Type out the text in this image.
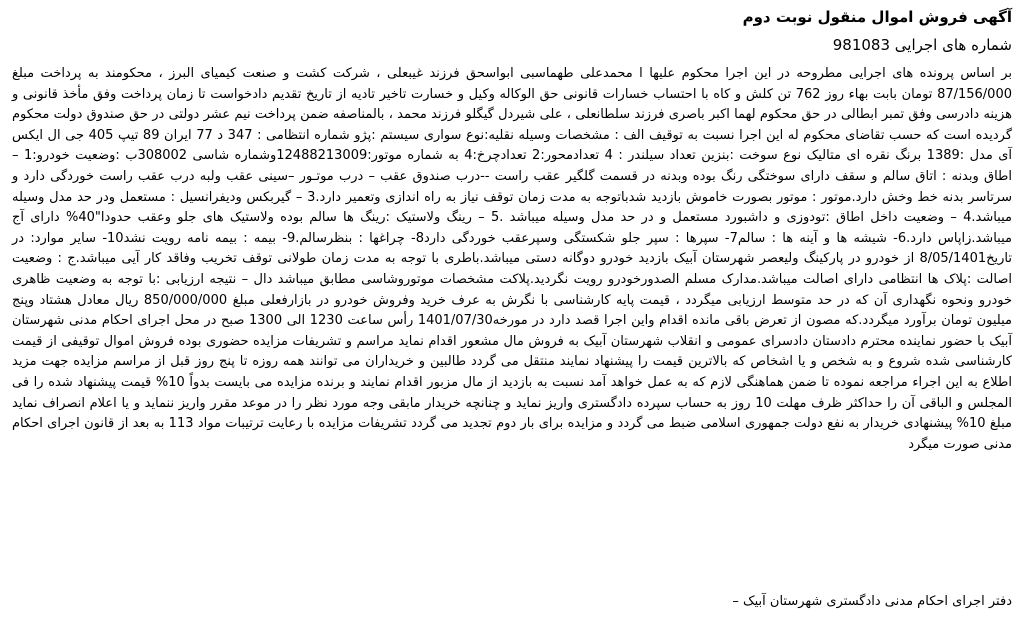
آگهی فروش اموال منقول نوبت دوم
شماره های اجرایی 981083

بر اساس پرونده های اجرایی مطروحه در این اجرا محکوم علیها ا محمدعلی طهماسبی ابواسحق فرزند غیبعلی ، شرکت کشت و صنعت کیمیای البرز ، محکومند به پرداخت مبلغ 87/156/000 تومان بابت بهاء روز 762 تن کلش و کاه با احتساب خسارات قانونی حق الوکاله وکیل و خسارت تاخیر تادیه از تاریخ تقدیم دادخواست تا زمان پرداخت وفق مأخذ قانونی و هزینه دادرسی وفق تمبر ابطالی در حق محکوم لهما اکبر باصری فرزند سلطانعلی ، علی شیردل گیگلو فرزند محمد ، بالمناصفه ضمن پرداخت نیم عشر دولتی در حق صندوق دولت محکوم گردیده است که حسب تقاضای محکوم له این اجرا نسبت به توقیف الف : مشخصات وسیله نقلیه:نوع سواری سیستم :پژو شماره انتظامی : 347 د 77 ایران 89 تیپ 405 جی ال ایکس آی مدل :1389 برنگ نقره ای متالیک نوع سوخت :بنزین تعداد سیلندر : 4 تعدادمحور:2 تعدادچرخ:4 به شماره موتور:12488213009وشماره شاسی 308002ب :وضعیت خودرو:1 – اطاق وبدنه : اتاق سالم و سقف دارای سوختگی رنگ بوده وبدنه در قسمت گلگیر عقب راست --درب صندوق عقب – درب موتـور –سینی عقب ولبه درب عقب راست خوردگی دارد و سرتاسر بدنه خط وخش دارد.موتور : موتور بصورت خاموش بازدید شدباتوجه به مدت زمان توقف نیاز به راه اندازی وتعمیر دارد.3 – گیربکس ودیفرانسیل : مستعمل ودر حد مدل وسیله میباشد.4 – وضعیت داخل اطاق :تودوزی و داشبورد مستعمل و در حد مدل وسیله میباشد .5 – رینگ ولاستیک :رینگ ها سالم بوده ولاستیک های جلو وعقب حدودا"40% دارای آج میباشد.زاپاس دارد.6- شیشه ها و آینه ها : سالم7- سپرها : سپر جلو شکستگی وسپرعقب خوردگی دارد8- چراغها : بنظرسالم.9- بیمه : بیمه نامه رویت نشد10- سایر موارد: در تاریخ8/05/1401 از خودرو در پارکینگ ولیعصر شهرستان آبیک بازدید خودرو دوگانه دستی میباشد.باطری با توجه به مدت زمان طولانی توقف تخریب وفاقد کار آیی میباشد.ج : وضعیت اصالت :پلاک ها انتظامی دارای اصالت میباشد.مدارک مسلم الصدورخودرو رویت نگردید.پلاکت مشخصات موتوروشاسی مطابق میباشد دال – نتیجه ارزیابی :با توجه به وضعیت ظاهری خودرو ونحوه نگهداری آن که در حد متوسط ارزیابی میگردد ، قیمت پایه کارشناسی با نگرش به عرف خرید وفروش خودرو در بازارفعلی مبلغ 850/000/000 ریال معادل هشتاد وپنج میلیون تومان برآورد میگردد.که مصون از تعرض باقی مانده اقدام واین اجرا قصد دارد در مورخه1401/07/30 رأس ساعت 1230 الی 1300 صبح در محل اجرای احکام مدنی شهرستان آبیک با حضور نماینده محترم دادستان دادسرای عمومی و انقلاب شهرستان آبیک به فروش مال مشعور اقدام نماید مراسم و تشریفات مزایده حضوری بوده فروش اموال توقیفی از قیمت کارشناسی شده شروع و به شخص و یا اشخاص که بالاترین قیمت را پیشنهاد نمایند منتقل می گردد طالبین و خریداران می توانند همه روزه تا پنج روز قبل از مراسم مزایده جهت مزید اطلاع به این اجراء مراجعه نموده تا ضمن هماهنگی لازم که به عمل خواهد آمد نسبت به بازدید از مال مزبور اقدام نمایند و برنده مزایده می بایست بدواً 10% قیمت پیشنهاد شده را فی المجلس و الباقی آن را حداکثر ظرف مهلت 10 روز به حساب سپرده دادگستری واریز نماید و چنانچه خریدار مابقی وجه مورد نظر را در موعد مقرر واریز ننماید و یا اعلام انصراف نماید مبلغ 10% پیشنهادی خریدار به نفع دولت جمهوری اسلامی ضبط می گردد و مزایده برای بار دوم تجدید می گردد تشریفات مزایده با رعایت ترتیبات مواد 113 به بعد از قانون اجرای احکام مدنی صورت میگرد

دفتر اجرای احکام مدنی دادگستری شهرستان آبیک –
